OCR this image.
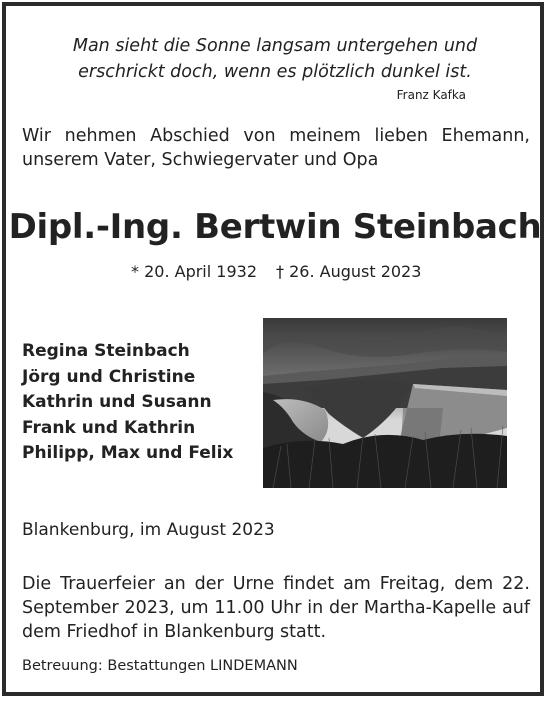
Man sieht die Sonne langsam untergehen und
erschrickt doch, wenn es plötzlich dunkel ist.
Franz Kafka
Wir nehmen Abschied von meinem lieben Ehemann, unserem Vater, Schwiegervater und Opa
Dipl.-Ing. Bertwin Steinbach
* 20. April 1932 † 26. August 2023
Regina Steinbach
Jörg und Christine
Kathrin und Susann
Frank und Kathrin
Philipp, Max und Felix
Blankenburg, im August 2023
Die Trauerfeier an der Urne findet am Freitag, dem 22. September 2023, um 11.00 Uhr in der Martha-Kapelle auf dem Friedhof in Blankenburg statt.
Betreuung: Bestattungen LINDEMANN
